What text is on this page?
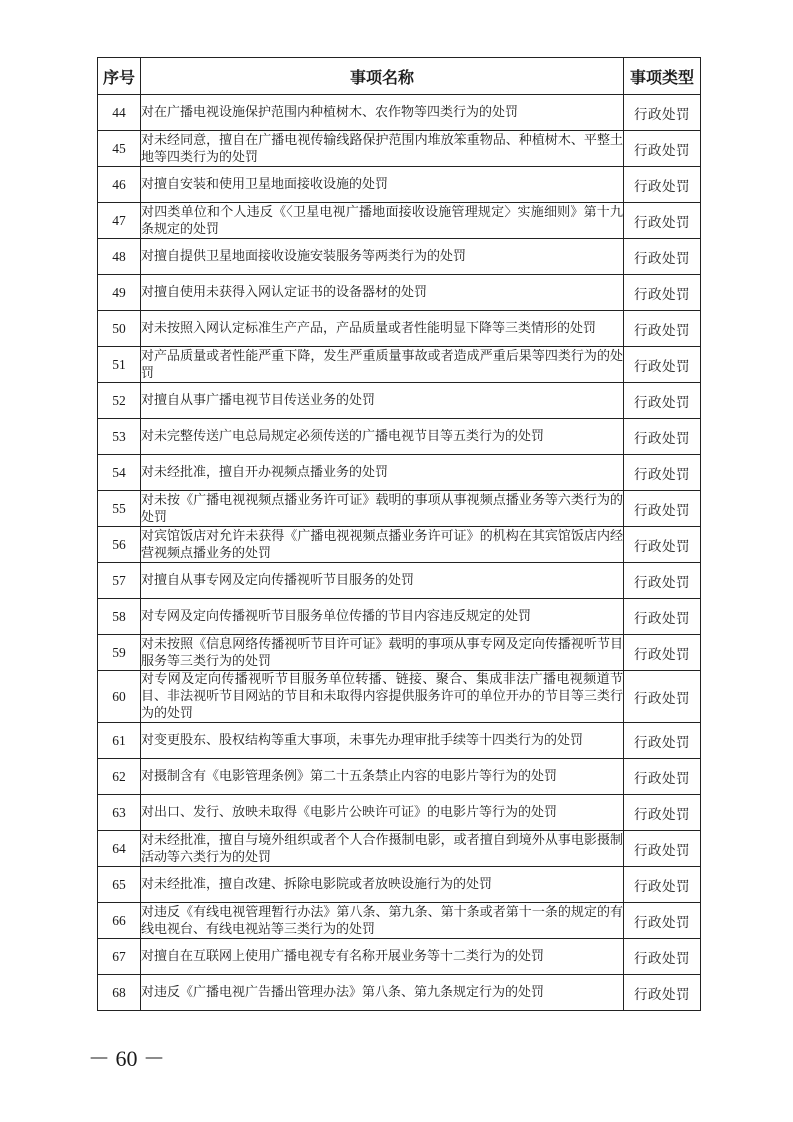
序号	事项名称	事项类型
44	对在广播电视设施保护范围内种植树木、农作物等四类行为的处罚	行政处罚
45	对未经同意，擅自在广播电视传输线路保护范围内堆放笨重物品、种植树木、平整土地等四类行为的处罚	行政处罚
46	对擅自安装和使用卫星地面接收设施的处罚	行政处罚
47	对四类单位和个人违反《〈卫星电视广播地面接收设施管理规定〉实施细则》第十九条规定的处罚	行政处罚
48	对擅自提供卫星地面接收设施安装服务等两类行为的处罚	行政处罚
49	对擅自使用未获得入网认定证书的设备器材的处罚	行政处罚
50	对未按照入网认定标准生产产品，产品质量或者性能明显下降等三类情形的处罚	行政处罚
51	对产品质量或者性能严重下降，发生严重质量事故或者造成严重后果等四类行为的处罚	行政处罚
52	对擅自从事广播电视节目传送业务的处罚	行政处罚
53	对未完整传送广电总局规定必须传送的广播电视节目等五类行为的处罚	行政处罚
54	对未经批准，擅自开办视频点播业务的处罚	行政处罚
55	对未按《广播电视视频点播业务许可证》载明的事项从事视频点播业务等六类行为的处罚	行政处罚
56	对宾馆饭店对允许未获得《广播电视视频点播业务许可证》的机构在其宾馆饭店内经营视频点播业务的处罚	行政处罚
57	对擅自从事专网及定向传播视听节目服务的处罚	行政处罚
58	对专网及定向传播视听节目服务单位传播的节目内容违反规定的处罚	行政处罚
59	对未按照《信息网络传播视听节目许可证》载明的事项从事专网及定向传播视听节目服务等三类行为的处罚	行政处罚
60	对专网及定向传播视听节目服务单位转播、链接、聚合、集成非法广播电视频道节目、非法视听节目网站的节目和未取得内容提供服务许可的单位开办的节目等三类行为的处罚	行政处罚
61	对变更股东、股权结构等重大事项，未事先办理审批手续等十四类行为的处罚	行政处罚
62	对摄制含有《电影管理条例》第二十五条禁止内容的电影片等行为的处罚	行政处罚
63	对出口、发行、放映未取得《电影片公映许可证》的电影片等行为的处罚	行政处罚
64	对未经批准，擅自与境外组织或者个人合作摄制电影，或者擅自到境外从事电影摄制活动等六类行为的处罚	行政处罚
65	对未经批准，擅自改建、拆除电影院或者放映设施行为的处罚	行政处罚
66	对违反《有线电视管理暂行办法》第八条、第九条、第十条或者第十一条的规定的有线电视台、有线电视站等三类行为的处罚	行政处罚
67	对擅自在互联网上使用广播电视专有名称开展业务等十二类行为的处罚	行政处罚
68	对违反《广播电视广告播出管理办法》第八条、第九条规定行为的处罚	行政处罚
－ 60 －
